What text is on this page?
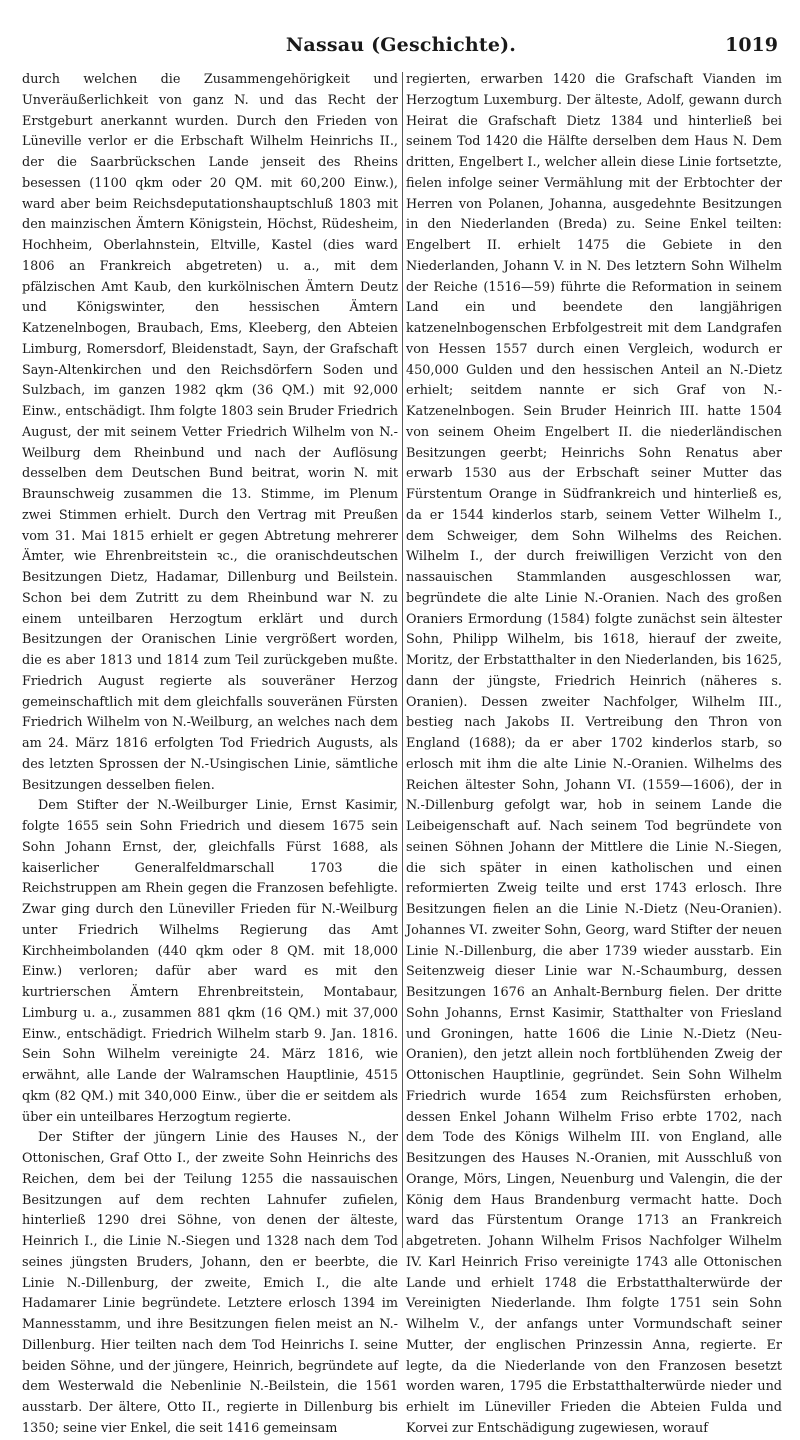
Nassau (Geschichte).	1019

durch welchen die Zusammengehörigkeit und Unveräußerlichkeit von ganz N. und das Recht der Erstgeburt anerkannt wurden. Durch den Frieden von Lüneville verlor er die Erbschaft Wilhelm Heinrichs II., der die Saarbrückschen Lande jenseit des Rheins besessen (1100 qkm oder 20 QM. mit 60,200 Einw.), ward aber beim Reichsdeputationshauptschluß 1803 mit den mainzischen Ämtern Königstein, Höchst, Rüdesheim, Hochheim, Oberlahnstein, Eltville, Kastel (dies ward 1806 an Frankreich abgetreten) u. a., mit dem pfälzischen Amt Kaub, den kurkölnischen Ämtern Deutz und Königswinter, den hessischen Ämtern Katzenelnbogen, Braubach, Ems, Kleeberg, den Abteien Limburg, Romersdorf, Bleidenstadt, Sayn, der Grafschaft Sayn-Altenkirchen und den Reichsdörfern Soden und Sulzbach, im ganzen 1982 qkm (36 QM.) mit 92,000 Einw., entschädigt. Ihm folgte 1803 sein Bruder Friedrich August, der mit seinem Vetter Friedrich Wilhelm von N.-Weilburg dem Rheinbund und nach der Auflösung desselben dem Deutschen Bund beitrat, worin N. mit Braunschweig zusammen die 13. Stimme, im Plenum zwei Stimmen erhielt. Durch den Vertrag mit Preußen vom 31. Mai 1815 erhielt er gegen Abtretung mehrerer Ämter, wie Ehrenbreitstein ꝛc., die oranischdeutschen Besitzungen Dietz, Hadamar, Dillenburg und Beilstein. Schon bei dem Zutritt zu dem Rheinbund war N. zu einem unteilbaren Herzogtum erklärt und durch Besitzungen der Oranischen Linie vergrößert worden, die es aber 1813 und 1814 zum Teil zurückgeben mußte. Friedrich August regierte als souveräner Herzog gemeinschaftlich mit dem gleichfalls souveränen Fürsten Friedrich Wilhelm von N.-Weilburg, an welches nach dem am 24. März 1816 erfolgten Tod Friedrich Augusts, als des letzten Sprossen der N.-Usingischen Linie, sämtliche Besitzungen desselben fielen.

Dem Stifter der N.-Weilburger Linie, Ernst Kasimir, folgte 1655 sein Sohn Friedrich und diesem 1675 sein Sohn Johann Ernst, der, gleichfalls Fürst 1688, als kaiserlicher Generalfeldmarschall 1703 die Reichstruppen am Rhein gegen die Franzosen befehligte. Zwar ging durch den Lüneviller Frieden für N.-Weilburg unter Friedrich Wilhelms Regierung das Amt Kirchheimbolanden (440 qkm oder 8 QM. mit 18,000 Einw.) verloren; dafür aber ward es mit den kurtrierschen Ämtern Ehrenbreitstein, Montabaur, Limburg u. a., zusammen 881 qkm (16 QM.) mit 37,000 Einw., entschädigt. Friedrich Wilhelm starb 9. Jan. 1816. Sein Sohn Wilhelm vereinigte 24. März 1816, wie erwähnt, alle Lande der Walramschen Hauptlinie, 4515 qkm (82 QM.) mit 340,000 Einw., über die er seitdem als über ein unteilbares Herzogtum regierte.

Der Stifter der jüngern Linie des Hauses N., der Ottonischen, Graf Otto I., der zweite Sohn Heinrichs des Reichen, dem bei der Teilung 1255 die nassauischen Besitzungen auf dem rechten Lahnufer zufielen, hinterließ 1290 drei Söhne, von denen der älteste, Heinrich I., die Linie N.-Siegen und 1328 nach dem Tod seines jüngsten Bruders, Johann, den er beerbte, die Linie N.-Dillenburg, der zweite, Emich I., die alte Hadamarer Linie begründete. Letztere erlosch 1394 im Mannesstamm, und ihre Besitzungen fielen meist an N.-Dillenburg. Hier teilten nach dem Tod Heinrichs I. seine beiden Söhne, und der jüngere, Heinrich, begründete auf dem Westerwald die Nebenlinie N.-Beilstein, die 1561 ausstarb. Der ältere, Otto II., regierte in Dillenburg bis 1350; seine vier Enkel, die seit 1416 gemeinsam

regierten, erwarben 1420 die Grafschaft Vianden im Herzogtum Luxemburg. Der älteste, Adolf, gewann durch Heirat die Grafschaft Dietz 1384 und hinterließ bei seinem Tod 1420 die Hälfte derselben dem Haus N. Dem dritten, Engelbert I., welcher allein diese Linie fortsetzte, fielen infolge seiner Vermählung mit der Erbtochter der Herren von Polanen, Johanna, ausgedehnte Besitzungen in den Niederlanden (Breda) zu. Seine Enkel teilten: Engelbert II. erhielt 1475 die Gebiete in den Niederlanden, Johann V. in N. Des letztern Sohn Wilhelm der Reiche (1516—59) führte die Reformation in seinem Land ein und beendete den langjährigen katzenelnbogenschen Erbfolgestreit mit dem Landgrafen von Hessen 1557 durch einen Vergleich, wodurch er 450,000 Gulden und den hessischen Anteil an N.-Dietz erhielt; seitdem nannte er sich Graf von N.-Katzenelnbogen. Sein Bruder Heinrich III. hatte 1504 von seinem Oheim Engelbert II. die niederländischen Besitzungen geerbt; Heinrichs Sohn Renatus aber erwarb 1530 aus der Erbschaft seiner Mutter das Fürstentum Orange in Südfrankreich und hinterließ es, da er 1544 kinderlos starb, seinem Vetter Wilhelm I., dem Schweiger, dem Sohn Wilhelms des Reichen. Wilhelm I., der durch freiwilligen Verzicht von den nassauischen Stammlanden ausgeschlossen war, begründete die alte Linie N.-Oranien. Nach des großen Oraniers Ermordung (1584) folgte zunächst sein ältester Sohn, Philipp Wilhelm, bis 1618, hierauf der zweite, Moritz, der Erbstatthalter in den Niederlanden, bis 1625, dann der jüngste, Friedrich Heinrich (näheres s. Oranien). Dessen zweiter Nachfolger, Wilhelm III., bestieg nach Jakobs II. Vertreibung den Thron von England (1688); da er aber 1702 kinderlos starb, so erlosch mit ihm die alte Linie N.-Oranien. Wilhelms des Reichen ältester Sohn, Johann VI. (1559—1606), der in N.-Dillenburg gefolgt war, hob in seinem Lande die Leibeigenschaft auf. Nach seinem Tod begründete von seinen Söhnen Johann der Mittlere die Linie N.-Siegen, die sich später in einen katholischen und einen reformierten Zweig teilte und erst 1743 erlosch. Ihre Besitzungen fielen an die Linie N.-Dietz (Neu-Oranien). Johannes VI. zweiter Sohn, Georg, ward Stifter der neuen Linie N.-Dillenburg, die aber 1739 wieder ausstarb. Ein Seitenzweig dieser Linie war N.-Schaumburg, dessen Besitzungen 1676 an Anhalt-Bernburg fielen. Der dritte Sohn Johanns, Ernst Kasimir, Statthalter von Friesland und Groningen, hatte 1606 die Linie N.-Dietz (Neu-Oranien), den jetzt allein noch fortblühenden Zweig der Ottonischen Hauptlinie, gegründet. Sein Sohn Wilhelm Friedrich wurde 1654 zum Reichsfürsten erhoben, dessen Enkel Johann Wilhelm Friso erbte 1702, nach dem Tode des Königs Wilhelm III. von England, alle Besitzungen des Hauses N.-Oranien, mit Ausschluß von Orange, Mörs, Lingen, Neuenburg und Valengin, die der König dem Haus Brandenburg vermacht hatte. Doch ward das Fürstentum Orange 1713 an Frankreich abgetreten. Johann Wilhelm Frisos Nachfolger Wilhelm IV. Karl Heinrich Friso vereinigte 1743 alle Ottonischen Lande und erhielt 1748 die Erbstatthalterwürde der Vereinigten Niederlande. Ihm folgte 1751 sein Sohn Wilhelm V., der anfangs unter Vormundschaft seiner Mutter, der englischen Prinzessin Anna, regierte. Er legte, da die Niederlande von den Franzosen besetzt worden waren, 1795 die Erbstatthalterwürde nieder und erhielt im Lüneviller Frieden die Abteien Fulda und Korvei zur Entschädigung zugewiesen, worauf
